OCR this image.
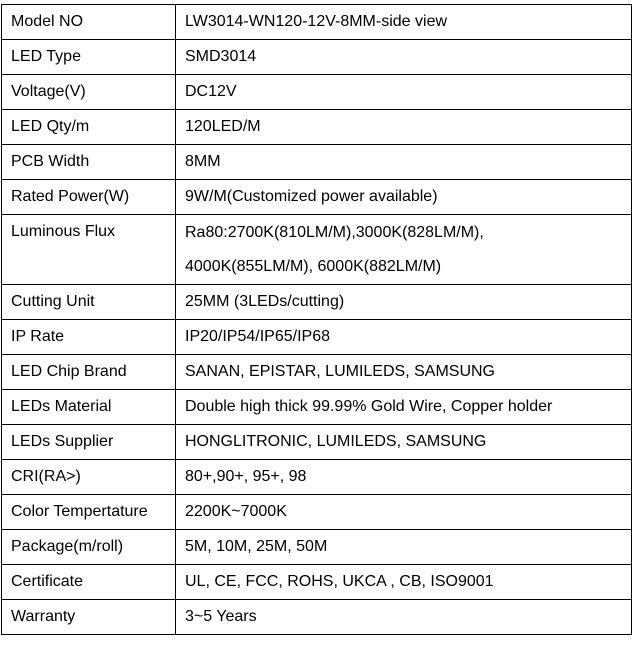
Model NO	LW3014-WN120-12V-8MM-side view
LED Type	SMD3014
Voltage(V)	DC12V
LED Qty/m	120LED/M
PCB Width	8MM
Rated Power(W)	9W/M(Customized power available)
Luminous Flux	Ra80:2700K(810LM/M),3000K(828LM/M),
4000K(855LM/M), 6000K(882LM/M)

Cutting Unit	25MM (3LEDs/cutting)
IP Rate	IP20/IP54/IP65/IP68
LED Chip Brand	SANAN, EPISTAR, LUMILEDS, SAMSUNG
LEDs Material	Double high thick 99.99% Gold Wire, Copper holder
LEDs Supplier	HONGLITRONIC, LUMILEDS, SAMSUNG
CRI(RA>)	80+,90+, 95+, 98
Color Tempertature	2200K~7000K
Package(m/roll)	5M, 10M, 25M, 50M
Certificate	UL, CE, FCC, ROHS, UKCA , CB, ISO9001
Warranty	3~5 Years
